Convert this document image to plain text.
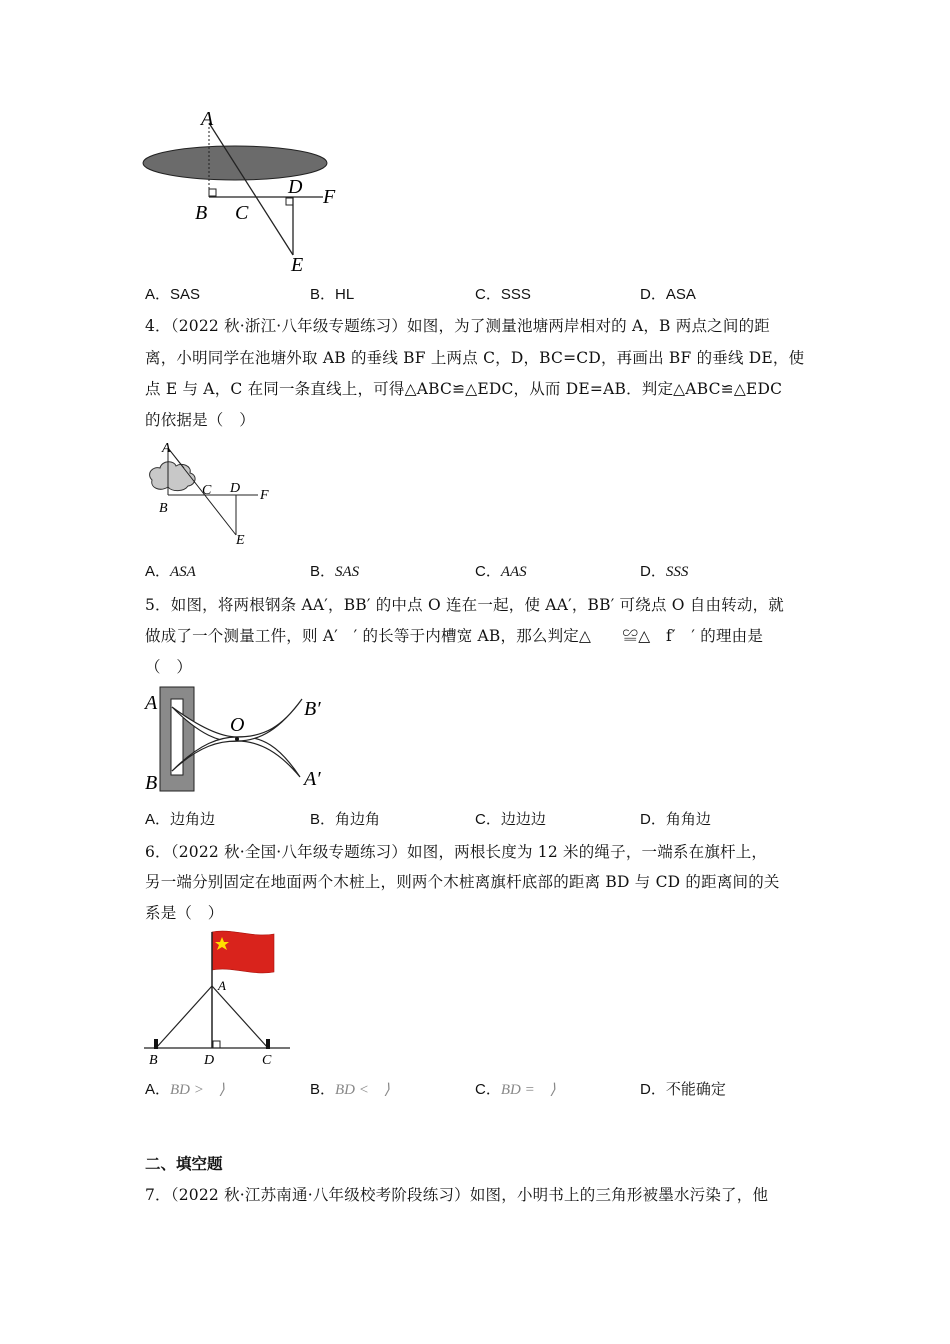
A
B C
D F
E
A．SAS	B．HL	C．SSS	D．ASA
4．（2022 秋·浙江·八年级专题练习）如图，为了测量池塘两岸相对的 A，B 两点之间的距
离，小明同学在池塘外取 AB 的垂线 BF 上两点 C，D，BC=CD，再画出 BF 的垂线 DE，使
点 E 与 A，C 在同一条直线上，可得△ABC≌△EDC，从而 DE=AB．判定△ABC≌△EDC
的依据是（　）
A
B
C D F
E
A．ASA	B．SAS	C．AAS	D．SSS
5．如图，将两根钢条 AA′，BB′ 的中点 O 连在一起，使 AA′，BB′ 可绕点 O 自由转动，就
做成了一个测量工件，则 A′　′ 的长等于内槽宽 AB，那么判定△　　≌△　f′　′ 的理由是
（　）
A
B
O
B′
A′
A．边角边	B．角边角	C．边边边	D．角角边
6．（2022 秋·全国·八年级专题练习）如图，两根长度为 12 米的绳子，一端系在旗杆上，
另一端分别固定在地面两个木桩上，则两个木桩离旗杆底部的距离 BD 与 CD 的距离间的关
系是（　）
A
B	D	C
A．BD >　⟩	B．BD <　⟩	C．BD =　⟩	D．不能确定
二、填空题
7．（2022 秋·江苏南通·八年级校考阶段练习）如图，小明书上的三角形被墨水污染了，他
